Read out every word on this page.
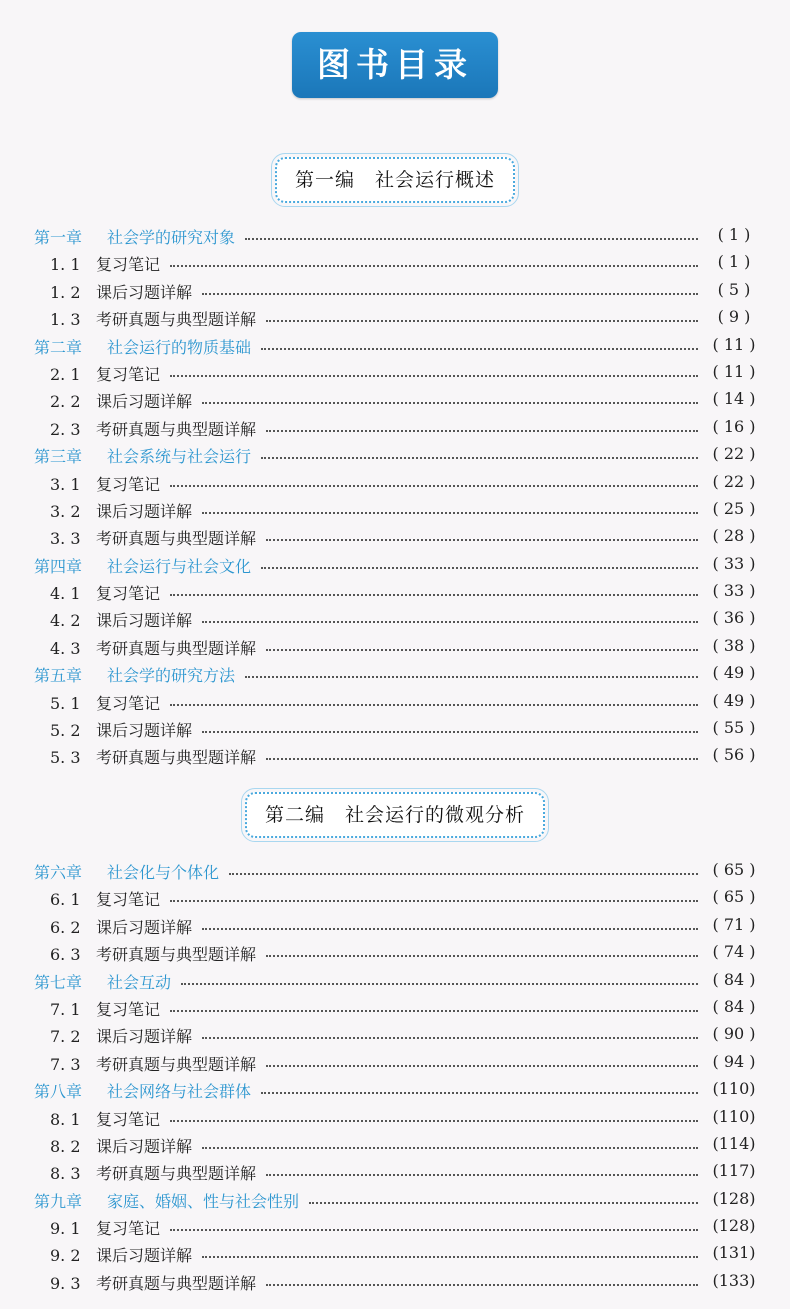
图书目录
第一编 社会运行概述
第一章 社会学的研究对象	( 1 )
1. 1 复习笔记	( 1 )
1. 2 课后习题详解	( 5 )
1. 3 考研真题与典型题详解	( 9 )
第二章 社会运行的物质基础	( 11 )
2. 1 复习笔记	( 11 )
2. 2 课后习题详解	( 14 )
2. 3 考研真题与典型题详解	( 16 )
第三章 社会系统与社会运行	( 22 )
3. 1 复习笔记	( 22 )
3. 2 课后习题详解	( 25 )
3. 3 考研真题与典型题详解	( 28 )
第四章 社会运行与社会文化	( 33 )
4. 1 复习笔记	( 33 )
4. 2 课后习题详解	( 36 )
4. 3 考研真题与典型题详解	( 38 )
第五章 社会学的研究方法	( 49 )
5. 1 复习笔记	( 49 )
5. 2 课后习题详解	( 55 )
5. 3 考研真题与典型题详解	( 56 )
第二编 社会运行的微观分析
第六章 社会化与个体化	( 65 )
6. 1 复习笔记	( 65 )
6. 2 课后习题详解	( 71 )
6. 3 考研真题与典型题详解	( 74 )
第七章 社会互动	( 84 )
7. 1 复习笔记	( 84 )
7. 2 课后习题详解	( 90 )
7. 3 考研真题与典型题详解	( 94 )
第八章 社会网络与社会群体	(110)
8. 1 复习笔记	(110)
8. 2 课后习题详解	(114)
8. 3 考研真题与典型题详解	(117)
第九章 家庭、婚姻、性与社会性别	(128)
9. 1 复习笔记	(128)
9. 2 课后习题详解	(131)
9. 3 考研真题与典型题详解	(133)
